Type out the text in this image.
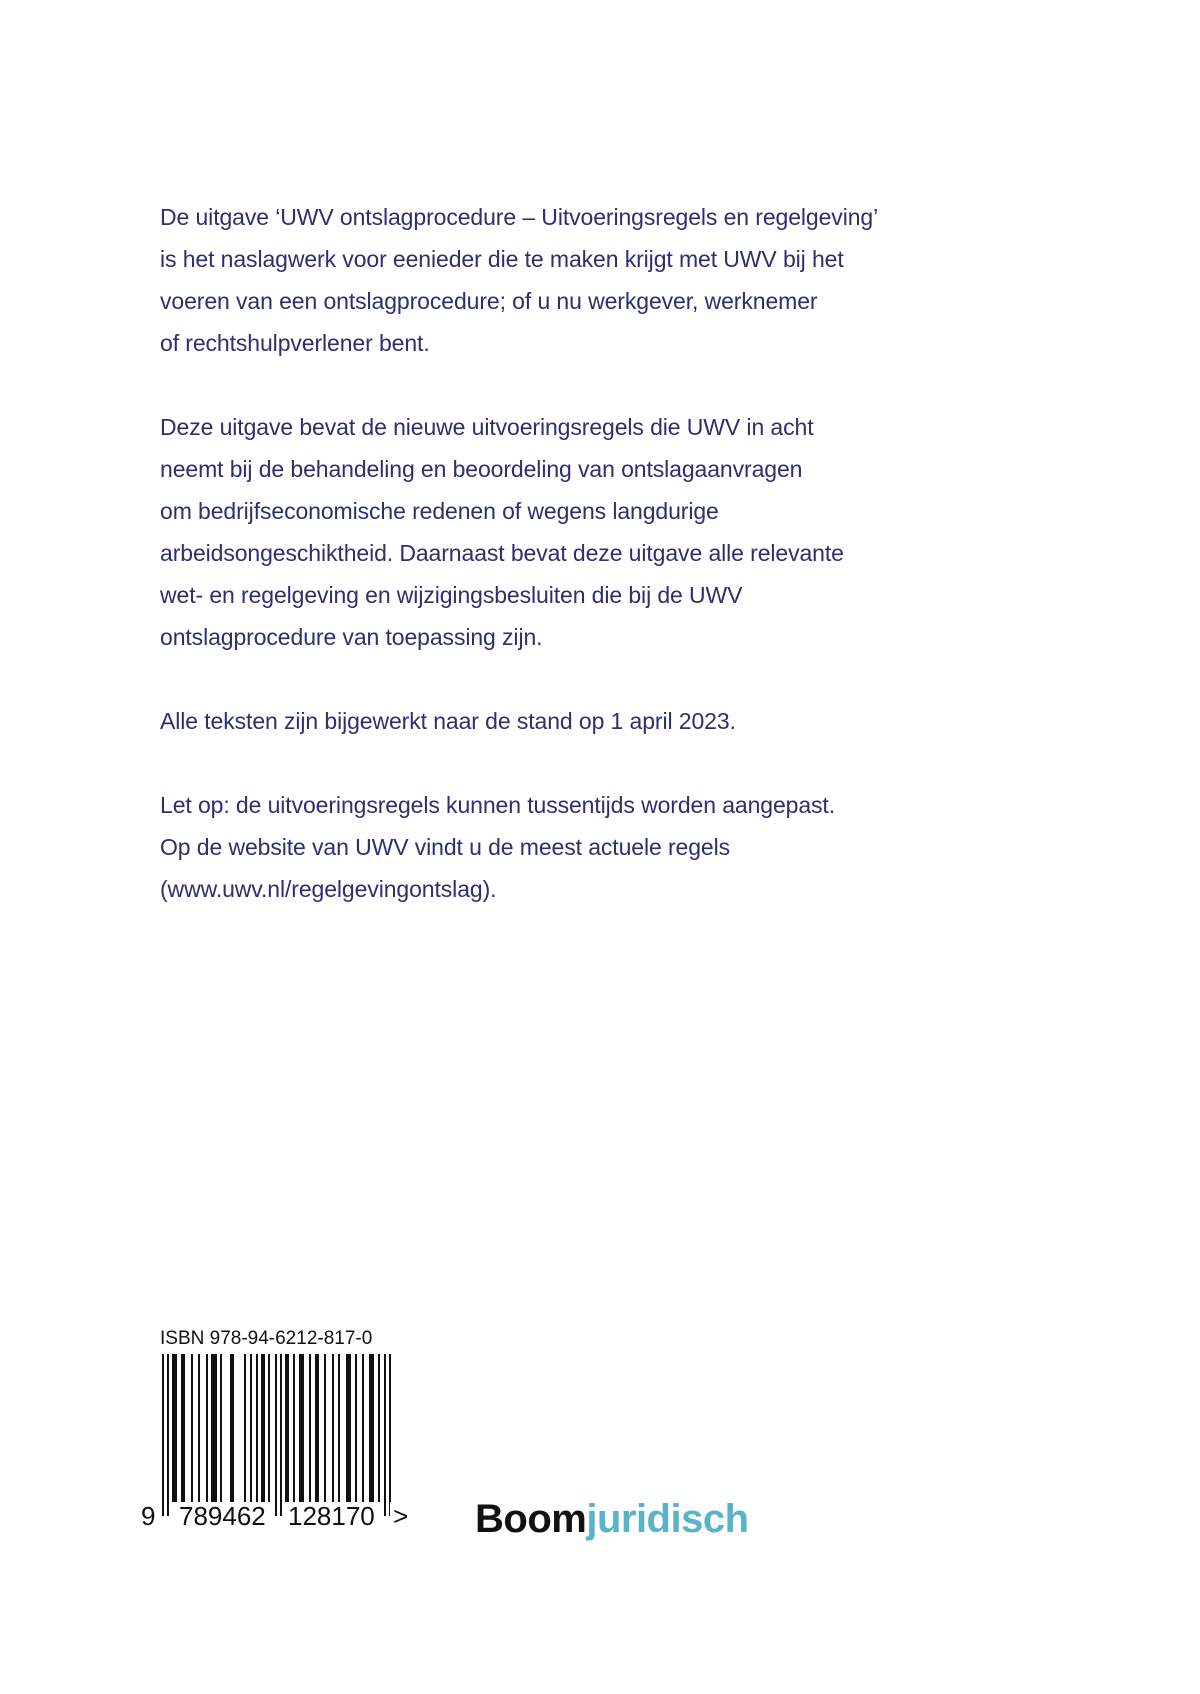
De uitgave ‘UWV ontslagprocedure – Uitvoeringsregels en regelgeving’
is het naslagwerk voor eenieder die te maken krijgt met UWV bij het
voeren van een ontslagprocedure; of u nu werkgever, werknemer
of rechtshulpverlener bent.
Deze uitgave bevat de nieuwe uitvoeringsregels die UWV in acht
neemt bij de behandeling en beoordeling van ontslagaanvragen
om bedrijfseconomische redenen of wegens langdurige
arbeidsongeschiktheid. Daarnaast bevat deze uitgave alle relevante
wet- en regelgeving en wijzigingsbesluiten die bij de UWV
ontslagprocedure van toepassing zijn.
Alle teksten zijn bijgewerkt naar de stand op 1 april 2023.
Let op: de uitvoeringsregels kunnen tussentijds worden aangepast.
Op de website van UWV vindt u de meest actuele regels
(www.uwv.nl/regelgevingontslag).
ISBN 978-94-6212-817-0
9 789462 128170 > Boomjuridisch
